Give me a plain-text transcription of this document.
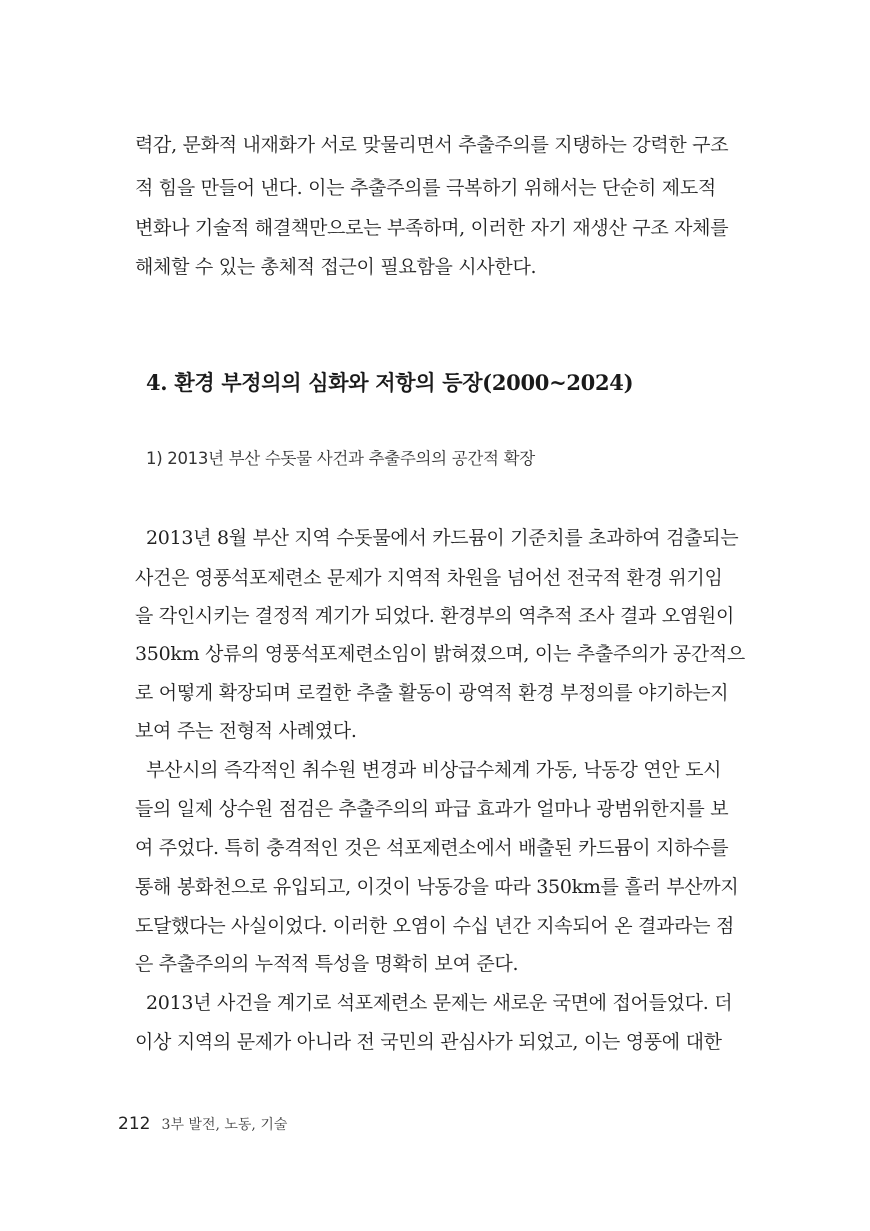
력감, 문화적 내재화가 서로 맞물리면서 추출주의를 지탱하는 강력한 구조
적 힘을 만들어 낸다. 이는 추출주의를 극복하기 위해서는 단순히 제도적
변화나 기술적 해결책만으로는 부족하며, 이러한 자기 재생산 구조 자체를
해체할 수 있는 총체적 접근이 필요함을 시사한다.
4. 환경 부정의의 심화와 저항의 등장(2000~2024)
1) 2013년 부산 수돗물 사건과 추출주의의 공간적 확장
2013년 8월 부산 지역 수돗물에서 카드뮴이 기준치를 초과하여 검출되는
사건은 영풍석포제련소 문제가 지역적 차원을 넘어선 전국적 환경 위기임
을 각인시키는 결정적 계기가 되었다. 환경부의 역추적 조사 결과 오염원이
350km 상류의 영풍석포제련소임이 밝혀졌으며, 이는 추출주의가 공간적으
로 어떻게 확장되며 로컬한 추출 활동이 광역적 환경 부정의를 야기하는지
보여 주는 전형적 사례였다.
부산시의 즉각적인 취수원 변경과 비상급수체계 가동, 낙동강 연안 도시
들의 일제 상수원 점검은 추출주의의 파급 효과가 얼마나 광범위한지를 보
여 주었다. 특히 충격적인 것은 석포제련소에서 배출된 카드뮴이 지하수를
통해 봉화천으로 유입되고, 이것이 낙동강을 따라 350km를 흘러 부산까지
도달했다는 사실이었다. 이러한 오염이 수십 년간 지속되어 온 결과라는 점
은 추출주의의 누적적 특성을 명확히 보여 준다.
2013년 사건을 계기로 석포제련소 문제는 새로운 국면에 접어들었다. 더
이상 지역의 문제가 아니라 전 국민의 관심사가 되었고, 이는 영풍에 대한
212 3부 발전, 노동, 기술
